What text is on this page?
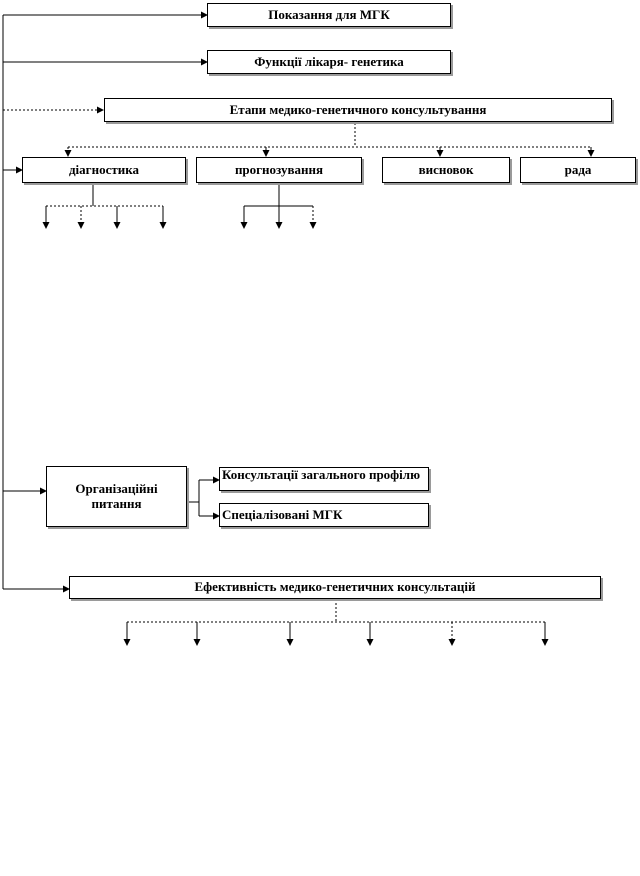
Показання для МГК
Функції лікаря- генетика
Етапи медико-генетичного консультування
діагностика	прогнозування	висновок	рада
Організаційні питання
Консультації загального профілю
Спеціалізовані МГК
Ефективність медико-генетичних консультацій
